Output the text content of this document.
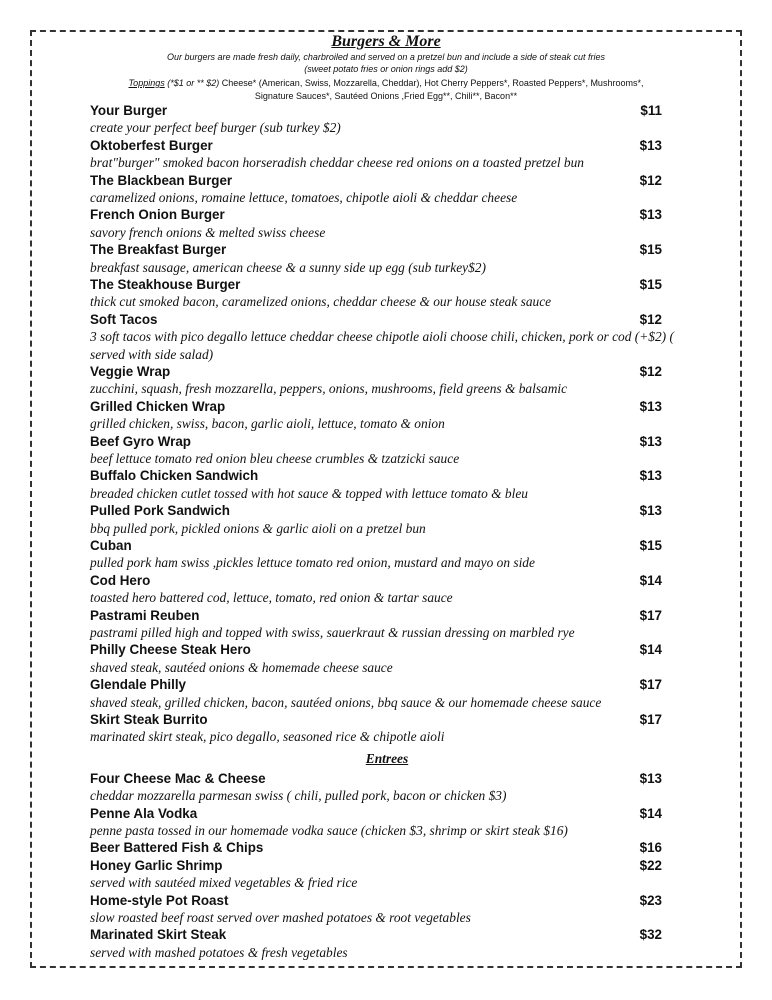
Burgers & More
Our burgers are made fresh daily, charbroiled and served on a pretzel bun and include a side of steak cut fries
(sweet potato fries or onion rings add $2)
Toppings (*$1 or ** $2) Cheese* (American, Swiss, Mozzarella, Cheddar), Hot Cherry Peppers*, Roasted Peppers*, Mushrooms*,
Signature Sauces*, Sautéed Onions ,Fried Egg**, Chili**, Bacon**
Your Burger	$11
create your perfect beef burger (sub turkey $2)
Oktoberfest Burger	$13
brat"burger" smoked bacon horseradish cheddar cheese red onions on a toasted pretzel bun
The Blackbean Burger	$12
caramelized onions, romaine lettuce, tomatoes, chipotle aioli & cheddar cheese
French Onion Burger	$13
savory french onions & melted swiss cheese
The Breakfast Burger	$15
breakfast sausage, american cheese & a sunny side up egg (sub turkey$2)
The Steakhouse Burger	$15
thick cut smoked bacon, caramelized onions, cheddar cheese & our house steak sauce
Soft Tacos	$12
3 soft tacos with pico degallo lettuce cheddar cheese chipotle aioli choose chili, chicken, pork or cod (+$2) ( served with side salad)
Veggie Wrap	$12
zucchini, squash, fresh mozzarella, peppers, onions, mushrooms, field greens & balsamic
Grilled Chicken Wrap	$13
grilled chicken, swiss, bacon, garlic aioli, lettuce, tomato & onion
Beef Gyro Wrap	$13
beef lettuce tomato red onion bleu cheese crumbles & tzatzicki sauce
Buffalo Chicken Sandwich	$13
breaded chicken cutlet tossed with hot sauce & topped with lettuce tomato & bleu
Pulled Pork Sandwich	$13
bbq pulled pork, pickled onions & garlic aioli on a pretzel bun
Cuban	$15
pulled pork ham swiss ,pickles lettuce tomato red onion, mustard and mayo on side
Cod Hero	$14
toasted hero battered cod, lettuce, tomato, red onion & tartar sauce
Pastrami Reuben	$17
pastrami pilled high and topped with swiss, sauerkraut & russian dressing on marbled rye
Philly Cheese Steak Hero	$14
shaved steak, sautéed onions & homemade cheese sauce
Glendale Philly	$17
shaved steak, grilled chicken, bacon, sautéed onions, bbq sauce & our homemade cheese sauce
Skirt Steak Burrito	$17
marinated skirt steak, pico degallo, seasoned rice & chipotle aioli
Entrees
Four Cheese Mac & Cheese	$13
cheddar mozzarella parmesan swiss ( chili, pulled pork, bacon or chicken $3)
Penne Ala Vodka	$14
penne pasta tossed in our homemade vodka sauce (chicken $3, shrimp or skirt steak $16)
Beer Battered Fish & Chips	$16
Honey Garlic Shrimp	$22
served with sautéed mixed vegetables & fried rice
Home-style Pot Roast	$23
slow roasted beef roast served over mashed potatoes & root vegetables
Marinated Skirt Steak	$32
served with mashed potatoes & fresh vegetables
